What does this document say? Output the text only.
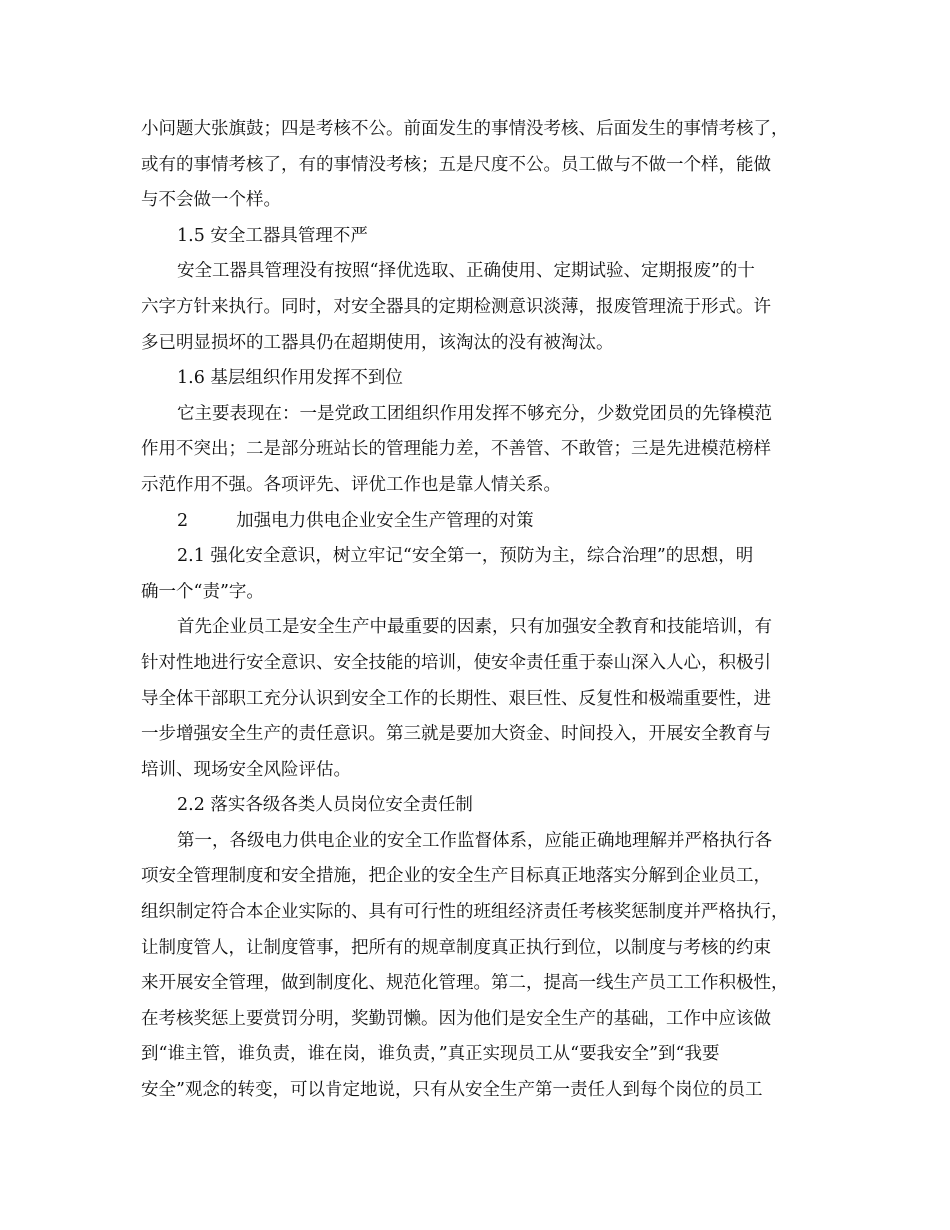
小问题大张旗鼓；四是考核不公。前面发生的事情没考核、后面发生的事情考核了，
或有的事情考核了，有的事情没考核；五是尺度不公。员工做与不做一个样，能做
与不会做一个样。
1.5 安全工器具管理不严
安全工器具管理没有按照“择优选取、正确使用、定期试验、定期报废”的十
六字方针来执行。同时，对安全器具的定期检测意识淡薄，报废管理流于形式。许
多已明显损坏的工器具仍在超期使用，该淘汰的没有被淘汰。
1.6 基层组织作用发挥不到位
它主要表现在：一是党政工团组织作用发挥不够充分，少数党团员的先锋模范
作用不突出；二是部分班站长的管理能力差，不善管、不敢管；三是先进模范榜样
示范作用不强。各项评先、评优工作也是靠人情关系。
2	加强电力供电企业安全生产管理的对策
2.1 强化安全意识，树立牢记“安全第一，预防为主，综合治理”的思想，明
确一个“责”字。
首先企业员工是安全生产中最重要的因素，只有加强安全教育和技能培训，有
针对性地进行安全意识、安全技能的培训，使安伞责任重于泰山深入人心，积极引
导全体干部职工充分认识到安全工作的长期性、艰巨性、反复性和极端重要性，进
一步增强安全生产的责任意识。第三就是要加大资金、时间投入，开展安全教育与
培训、现场安全风险评估。
2.2 落实各级各类人员岗位安全责任制
第一，各级电力供电企业的安全工作监督体系，应能正确地理解并严格执行各
项安全管理制度和安全措施，把企业的安全生产目标真正地落实分解到企业员工，
组织制定符合本企业实际的、具有可行性的班组经济责任考核奖惩制度并严格执行，
让制度管人，让制度管事，把所有的规章制度真正执行到位，以制度与考核的约束
来开展安全管理，做到制度化、规范化管理。第二，提高一线生产员工工作积极性，
在考核奖惩上要赏罚分明，奖勤罚懒。因为他们是安全生产的基础，工作中应该做
到“谁主管，谁负责，谁在岗，谁负责，”真正实现员工从“要我安全”到“我要
安全”观念的转变，可以肯定地说，只有从安全生产第一责任人到每个岗位的员工
